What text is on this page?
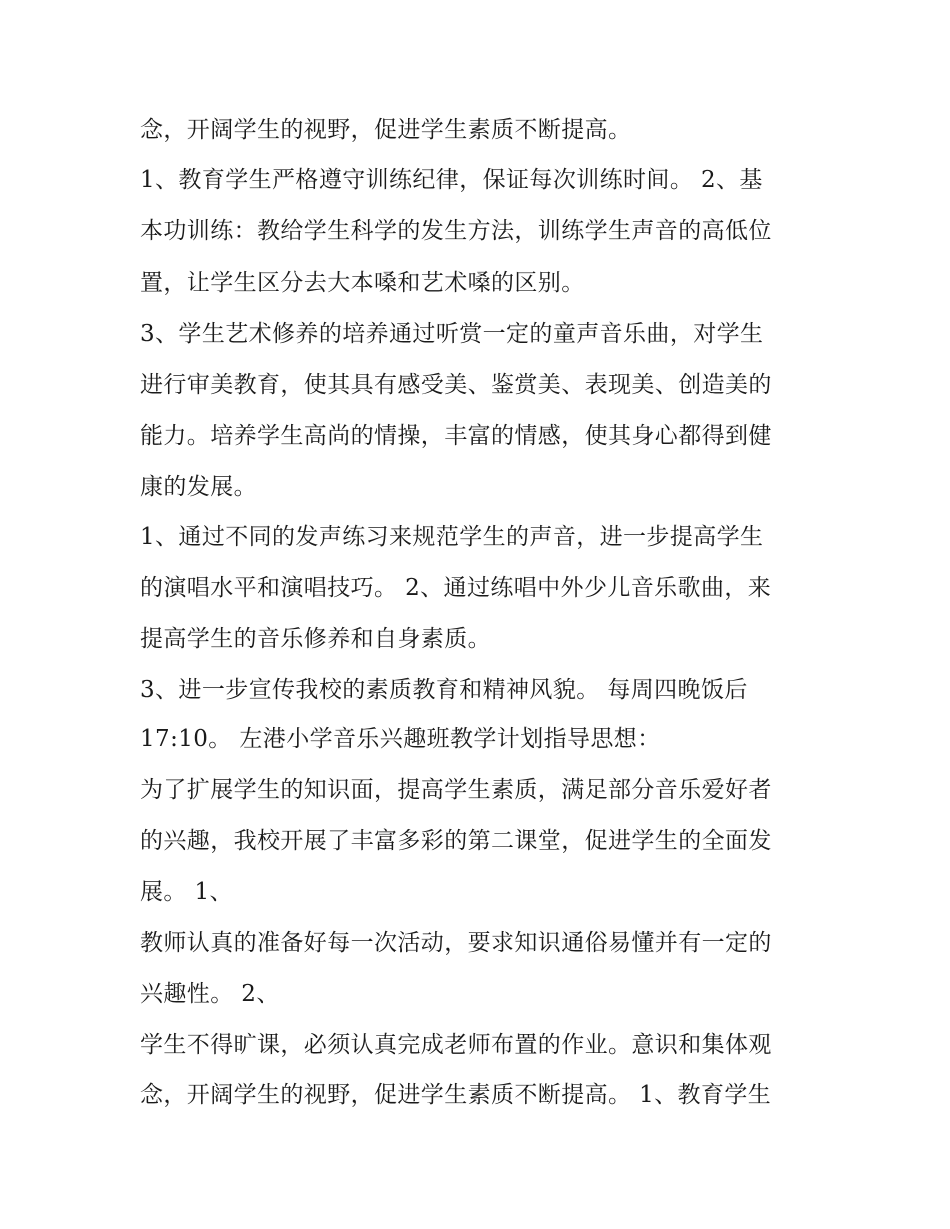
念，开阔学生的视野，促进学生素质不断提高。
1、教育学生严格遵守训练纪律，保证每次训练时间。 2、基
本功训练：教给学生科学的发生方法，训练学生声音的高低位
置，让学生区分去大本嗓和艺术嗓的区别。
3、学生艺术修养的培养通过听赏一定的童声音乐曲，对学生
进行审美教育，使其具有感受美、鉴赏美、表现美、创造美的
能力。培养学生高尚的情操，丰富的情感，使其身心都得到健
康的发展。
1、通过不同的发声练习来规范学生的声音，进一步提高学生
的演唱水平和演唱技巧。 2、通过练唱中外少儿音乐歌曲，来
提高学生的音乐修养和自身素质。
3、进一步宣传我校的素质教育和精神风貌。 每周四晚饭后
17:10。 左港小学音乐兴趣班教学计划指导思想：
为了扩展学生的知识面，提高学生素质，满足部分音乐爱好者
的兴趣，我校开展了丰富多彩的第二课堂，促进学生的全面发
展。 1、
教师认真的准备好每一次活动，要求知识通俗易懂并有一定的
兴趣性。 2、
学生不得旷课，必须认真完成老师布置的作业。意识和集体观
念，开阔学生的视野，促进学生素质不断提高。 1、教育学生
